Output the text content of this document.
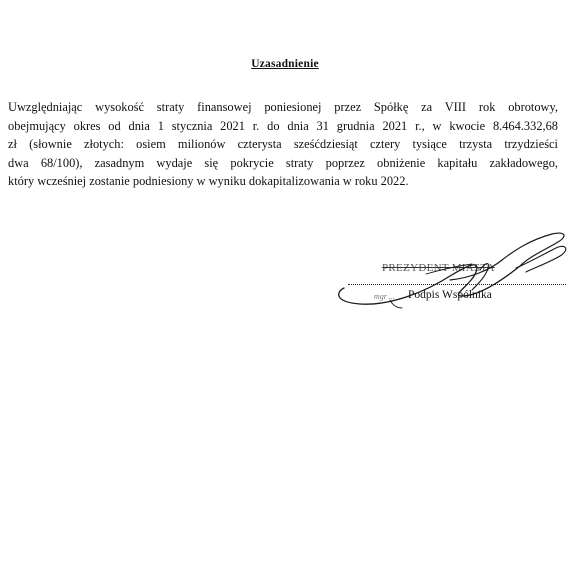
Uzasadnienie
Uwzględniając wysokość straty finansowej poniesionej przez Spółkę za VIII rok obrotowy,
obejmujący okres od dnia 1 stycznia 2021 r. do dnia 31 grudnia 2021 r., w kwocie 8.464.332,68
zł (słownie złotych: osiem milionów czterysta sześćdziesiąt cztery tysiące trzysta trzydzieści
dwa 68/100), zasadnym wydaje się pokrycie straty poprzez obniżenie kapitału zakładowego,
który wcześniej zostanie podniesiony w wyniku dokapitalizowania w roku 2022.
PREZYDENT MIASTA
mgr ... Podpis Wspólnika
